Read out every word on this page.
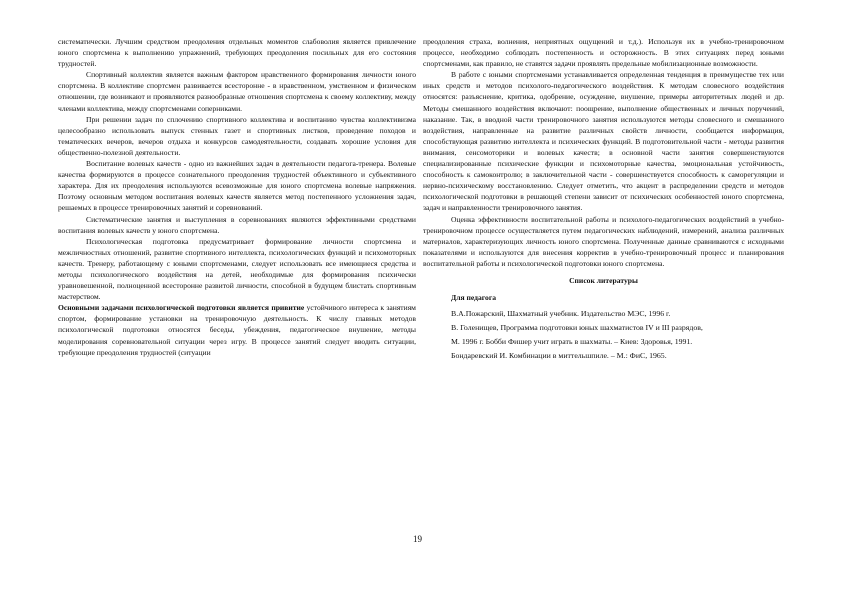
систематически. Лучшим средством преодоления отдельных моментов слабоволия является привлечение юного спортсмена к выполнению упражнений, требующих преодоления посильных для его состояния трудностей.

Спортивный коллектив является важным фактором нравственного формирования личности юного спортсмена. В коллективе спортсмен развивается всесторонне - в нравственном, умственном и физическом отношении, где возникают и проявляются разнообразные отношения спортсмена к своему коллективу, между членами коллектива, между спортсменами соперниками.

При решении задач по сплочению спортивного коллектива и воспитанию чувства коллективизма целесообразно использовать выпуск стенных газет и спортивных листков, проведение походов и тематических вечеров, вечеров отдыха и конкурсов самодеятельности, создавать хорошие условия для общественно-полезной деятельности.

Воспитание волевых качеств - одно из важнейших задач в деятельности педагога-тренера. Волевые качества формируются в процессе сознательного преодоления трудностей объективного и субъективного характера. Для их преодоления используются всевозможные для юного спортсмена волевые напряжения. Поэтому основным методом воспитания волевых качеств является метод постепенного усложнения задач, решаемых в процессе тренировочных занятий и соревнований.

Систематические занятия и выступления в соревнованиях являются эффективными средствами воспитания волевых качеств у юного спортсмена.

Психологическая подготовка предусматривает формирование личности спортсмена и межличностных отношений, развитие спортивного интеллекта, психологических функций и психомоторных качеств. Тренеру, работающему с юными спортсменами, следует использовать все имеющиеся средства и методы психологического воздействия на детей, необходимые для формирования психически уравновешенной, полноценной всесторонне развитой личности, способной в будущем блистать спортивным мастерством.

Основными задачами психологической подготовки является привитие устойчивого интереса к занятиям спортом, формирование установки на тренировочную деятельность. К числу главных методов психологической подготовки относятся беседы, убеждения, педагогическое внушение, методы моделирования соревновательной ситуации через игру. В процессе занятий следует вводить ситуации, требующие преодоления трудностей (ситуации

преодоления страха, волнения, неприятных ощущений и т.д.). Используя их в учебно-тренировочном процессе, необходимо соблюдать постепенность и осторожность. В этих ситуациях перед юными спортсменами, как правило, не ставятся задачи проявлять предельные мобилизационные возможности.

В работе с юными спортсменами устанавливается определенная тенденция в преимуществе тех или иных средств и методов психолого-педагогического воздействия. К методам словесного воздействия относятся: разъяснение, критика, одобрение, осуждение, внушение, примеры авторитетных людей и др. Методы смешанного воздействия включают: поощрение, выполнение общественных и личных поручений, наказание. Так, в вводной части тренировочного занятия используются методы словесного и смешанного воздействия, направленные на развитие различных свойств личности, сообщается информация, способствующая развитию интеллекта и психических функций. В подготовительной части - методы развития внимания, сенсомоторики и волевых качеств; в основной части занятия совершенствуются специализированные психические функции и психомоторные качества, эмоциональная устойчивость, способность к самоконтролю; в заключительной части - совершенствуется способность к саморегуляции и нервно-психическому восстановлению. Следует отметить, что акцент в распределении средств и методов психологической подготовки в решающей степени зависит от психических особенностей юного спортсмена, задач и направленности тренировочного занятия.

Оценка эффективности воспитательной работы и психолого-педагогических воздействий в учебно-тренировочном процессе осуществляется путем педагогических наблюдений, измерений, анализа различных материалов, характеризующих личность юного спортсмена. Полученные данные сравниваются с исходными показателями и используются для внесения корректив в учебно-тренировочный процесс и планирования воспитательной работы и психологической подготовки юного спортсмена.

Список литературы
Для педагога

В.А.Пожарский, Шахматный учебник. Издательство МЭС, 1996 г.

В. Голенищев, Программа подготовки юных шахматистов IV и III разрядов,

М. 1996 г. Бобби Фишер учит играть в шахматы. – Киев: Здоровья, 1991.

Бондаревский И. Комбинации в миттельшпиле. – М.: ФиС, 1965.

19
